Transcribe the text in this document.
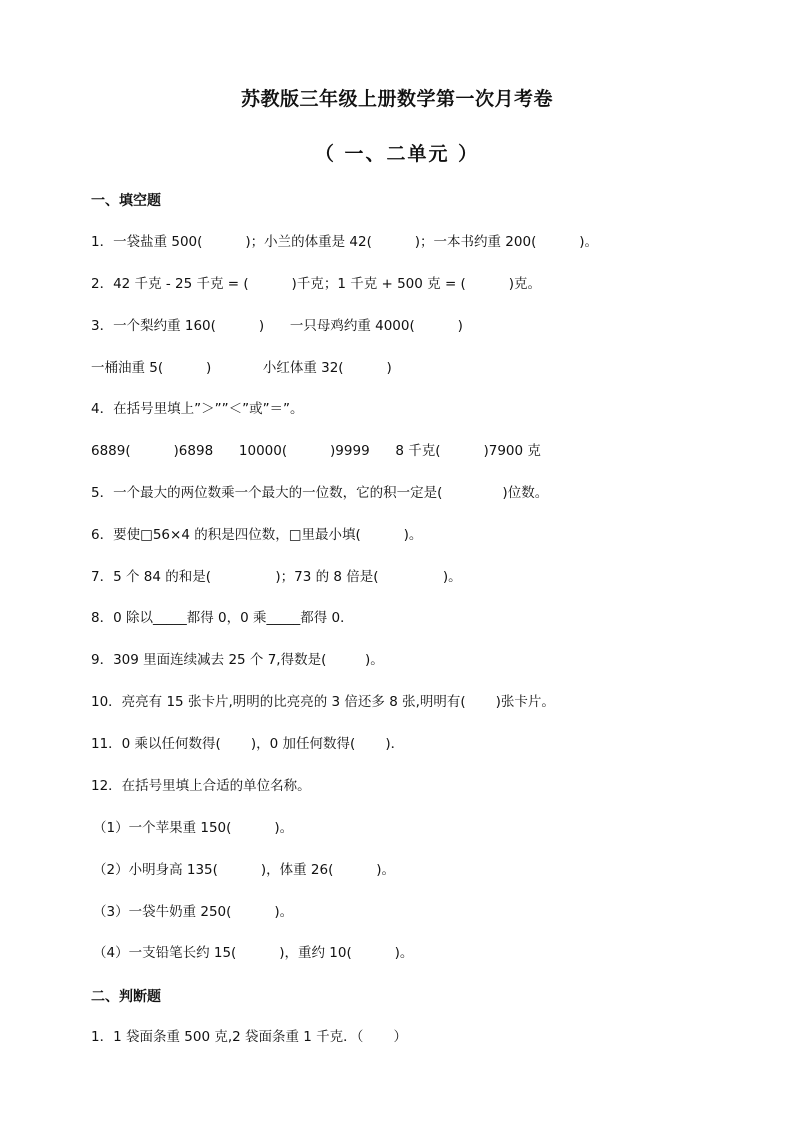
苏教版三年级上册数学第一次月考卷
（ 一、二单元 ）
一、填空题
1．一袋盐重 500(          )；小兰的体重是 42(          )；一本书约重 200(          )。
2．42 千克 - 25 千克 = (          )千克；1 千克 + 500 克 = (          )克。
3．一个梨约重 160(          )      一只母鸡约重 4000(          )
一桶油重 5(          )            小红体重 32(          )
4．在括号里填上”＞””＜”或”＝”。
6889(          )6898      10000(          )9999      8 千克(          )7900 克
5．一个最大的两位数乘一个最大的一位数，它的积一定是(              )位数。
6．要使□56×4 的积是四位数，□里最小填(          )。
7．5 个 84 的和是(               )；73 的 8 倍是(               )。
8．0 除以_____都得 0，0 乘_____都得 0．
9．309 里面连续减去 25 个 7,得数是(         )。
10．亮亮有 15 张卡片,明明的比亮亮的 3 倍还多 8 张,明明有(       )张卡片。
11．0 乘以任何数得(       )，0 加任何数得(       )．
12．在括号里填上合适的单位名称。
（1）一个苹果重 150(          )。
（2）小明身高 135(          )，体重 26(          )。
（3）一袋牛奶重 250(          )。
（4）一支铅笔长约 15(          )，重约 10(          )。
二、判断题
1．1 袋面条重 500 克,2 袋面条重 1 千克．（       ）
